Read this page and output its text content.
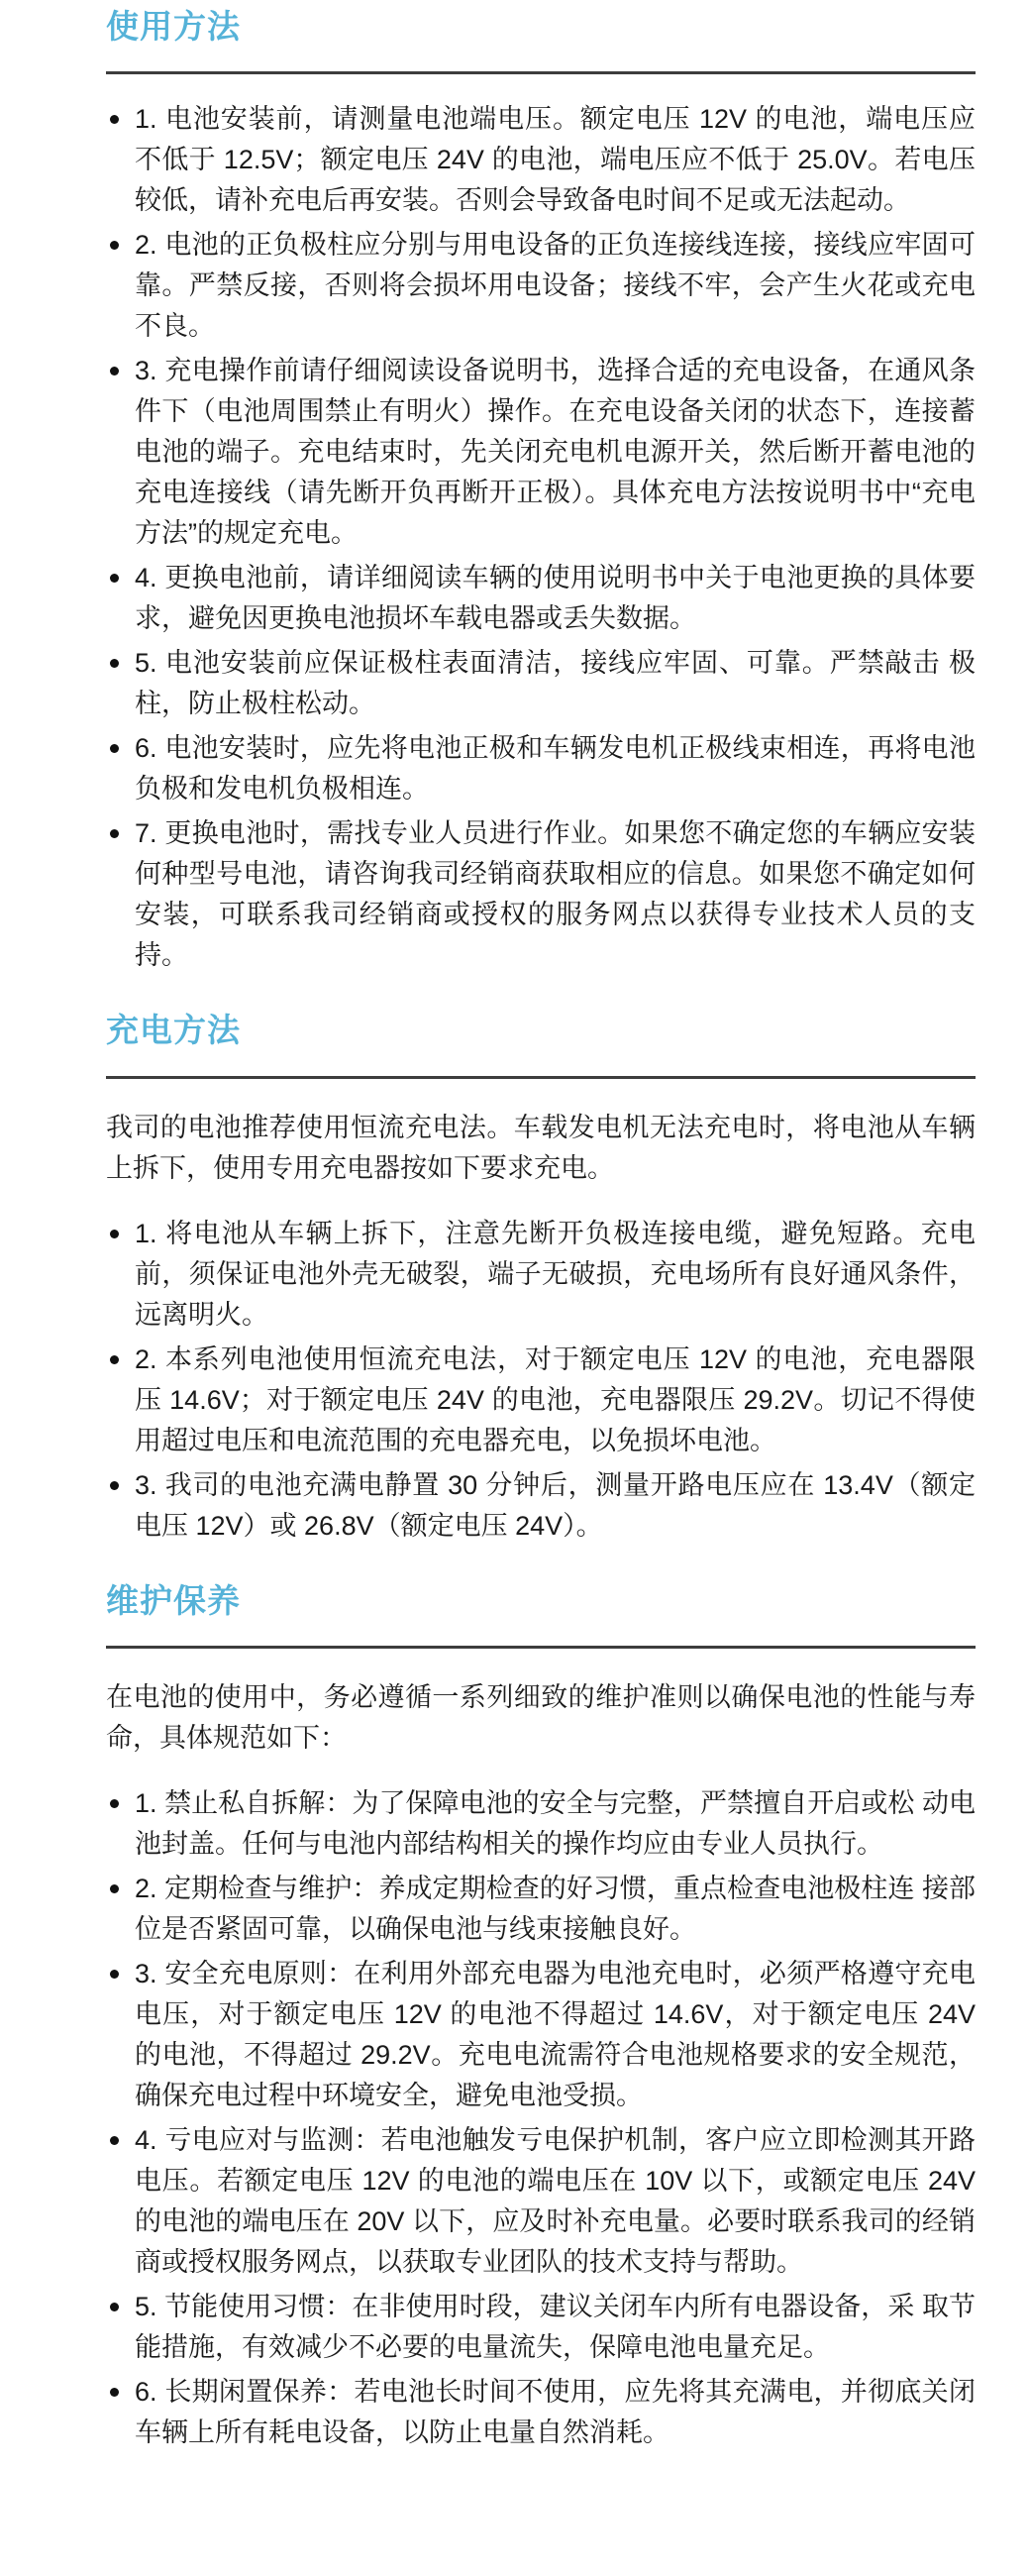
使用方法
1. 电池安装前，请测量电池端电压。额定电压 12V 的电池，端电压应不低于 12.5V；额定电压 24V 的电池，端电压应不低于 25.0V。若电压较低，请补充电后再安装。否则会导致备电时间不足或无法起动。
2. 电池的正负极柱应分别与用电设备的正负连接线连接，接线应牢固可靠。严禁反接，否则将会损坏用电设备；接线不牢，会产生火花或充电不良。
3. 充电操作前请仔细阅读设备说明书，选择合适的充电设备，在通风条件下（电池周围禁止有明火）操作。在充电设备关闭的状态下，连接蓄电池的端子。充电结束时，先关闭充电机电源开关，然后断开蓄电池的充电连接线（请先断开负再断开正极）。具体充电方法按说明书中“充电方法”的规定充电。
4. 更换电池前，请详细阅读车辆的使用说明书中关于电池更换的具体要求，避免因更换电池损坏车载电器或丢失数据。
5. 电池安装前应保证极柱表面清洁，接线应牢固、可靠。严禁敲击 极柱，防止极柱松动。
6. 电池安装时，应先将电池正极和车辆发电机正极线束相连，再将电池负极和发电机负极相连。
7. 更换电池时，需找专业人员进行作业。如果您不确定您的车辆应安装何种型号电池，请咨询我司经销商获取相应的信息。如果您不确定如何安装，可联系我司经销商或授权的服务网点以获得专业技术人员的支持。
充电方法

我司的电池推荐使用恒流充电法。车载发电机无法充电时，将电池从车辆上拆下，使用专用充电器按如下要求充电。

1. 将电池从车辆上拆下，注意先断开负极连接电缆，避免短路。充电前，须保证电池外壳无破裂，端子无破损，充电场所有良好通风条件，远离明火。
2. 本系列电池使用恒流充电法，对于额定电压 12V 的电池，充电器限压 14.6V；对于额定电压 24V 的电池，充电器限压 29.2V。切记不得使用超过电压和电流范围的充电器充电，以免损坏电池。
3. 我司的电池充满电静置 30 分钟后，测量开路电压应在 13.4V（额定电压 12V）或 26.8V（额定电压 24V）。
维护保养

在电池的使用中，务必遵循一系列细致的维护准则以确保电池的性能与寿命，具体规范如下：

1. 禁止私自拆解：为了保障电池的安全与完整，严禁擅自开启或松 动电池封盖。任何与电池内部结构相关的操作均应由专业人员执行。
2. 定期检查与维护：养成定期检查的好习惯，重点检查电池极柱连 接部位是否紧固可靠，以确保电池与线束接触良好。
3. 安全充电原则：在利用外部充电器为电池充电时，必须严格遵守充电电压，对于额定电压 12V 的电池不得超过 14.6V，对于额定电压 24V 的电池，不得超过 29.2V。充电电流需符合电池规格要求的安全规范，确保充电过程中环境安全，避免电池受损。
4. 亏电应对与监测：若电池触发亏电保护机制，客户应立即检测其开路电压。若额定电压 12V 的电池的端电压在 10V 以下，或额定电压 24V 的电池的端电压在 20V 以下，应及时补充电量。必要时联系我司的经销商或授权服务网点，以获取专业团队的技术支持与帮助。
5. 节能使用习惯：在非使用时段，建议关闭车内所有电器设备，采 取节能措施，有效减少不必要的电量流失，保障电池电量充足。
6. 长期闲置保养：若电池长时间不使用，应先将其充满电，并彻底关闭车辆上所有耗电设备，以防止电量自然消耗。
